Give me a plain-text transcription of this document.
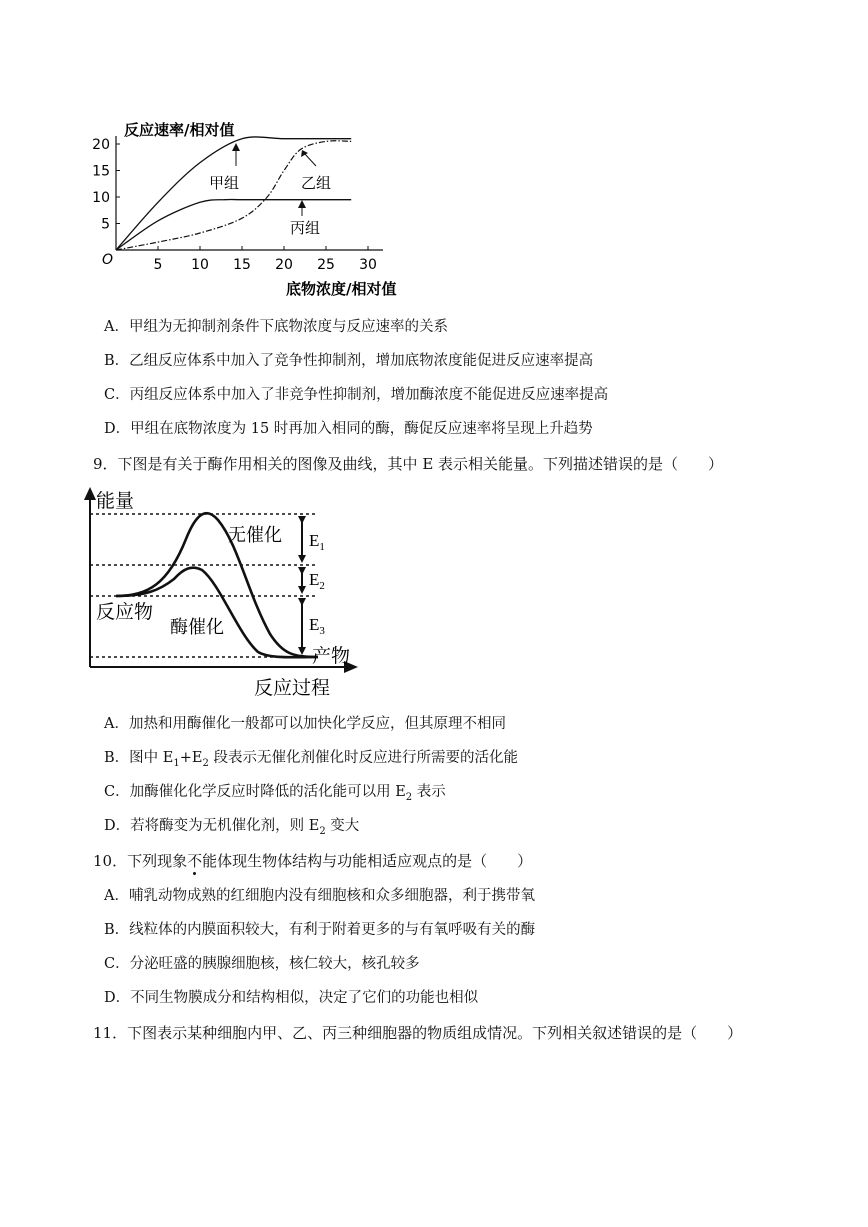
反应速率/相对值
O
20
15
10
5
5 10 15 20 25 30
甲组	乙组
丙组
底物浓度/相对值
A．甲组为无抑制剂条件下底物浓度与反应速率的关系
B．乙组反应体系中加入了竞争性抑制剂，增加底物浓度能促进反应速率提高
C．丙组反应体系中加入了非竞争性抑制剂，增加酶浓度不能促进反应速率提高
D．甲组在底物浓度为 15 时再加入相同的酶，酶促反应速率将呈现上升趋势
9．下图是有关于酶作用相关的图像及曲线，其中 E 表示相关能量。下列描述错误的是（　　）
能量
反应过程
无催化 $E_1$
$E_2$
$E_3$
反应物
酶催化
产物
A．加热和用酶催化一般都可以加快化学反应，但其原理不相同
B．图中 $E_1+E_2$ 段表示无催化剂催化时反应进行所需要的活化能
C．加酶催化化学反应时降低的活化能可以用 $E_2$ 表示
D．若将酶变为无机催化剂，则 $E_2$ 变大
10．下列现象不能体现生物体结构与功能相适应观点的是（　　）
A．哺乳动物成熟的红细胞内没有细胞核和众多细胞器，利于携带氧
B．线粒体的内膜面积较大，有利于附着更多的与有氧呼吸有关的酶
C．分泌旺盛的胰腺细胞核，核仁较大，核孔较多
D．不同生物膜成分和结构相似，决定了它们的功能也相似
11．下图表示某种细胞内甲、乙、丙三种细胞器的物质组成情况。下列相关叙述错误的是（　　）
